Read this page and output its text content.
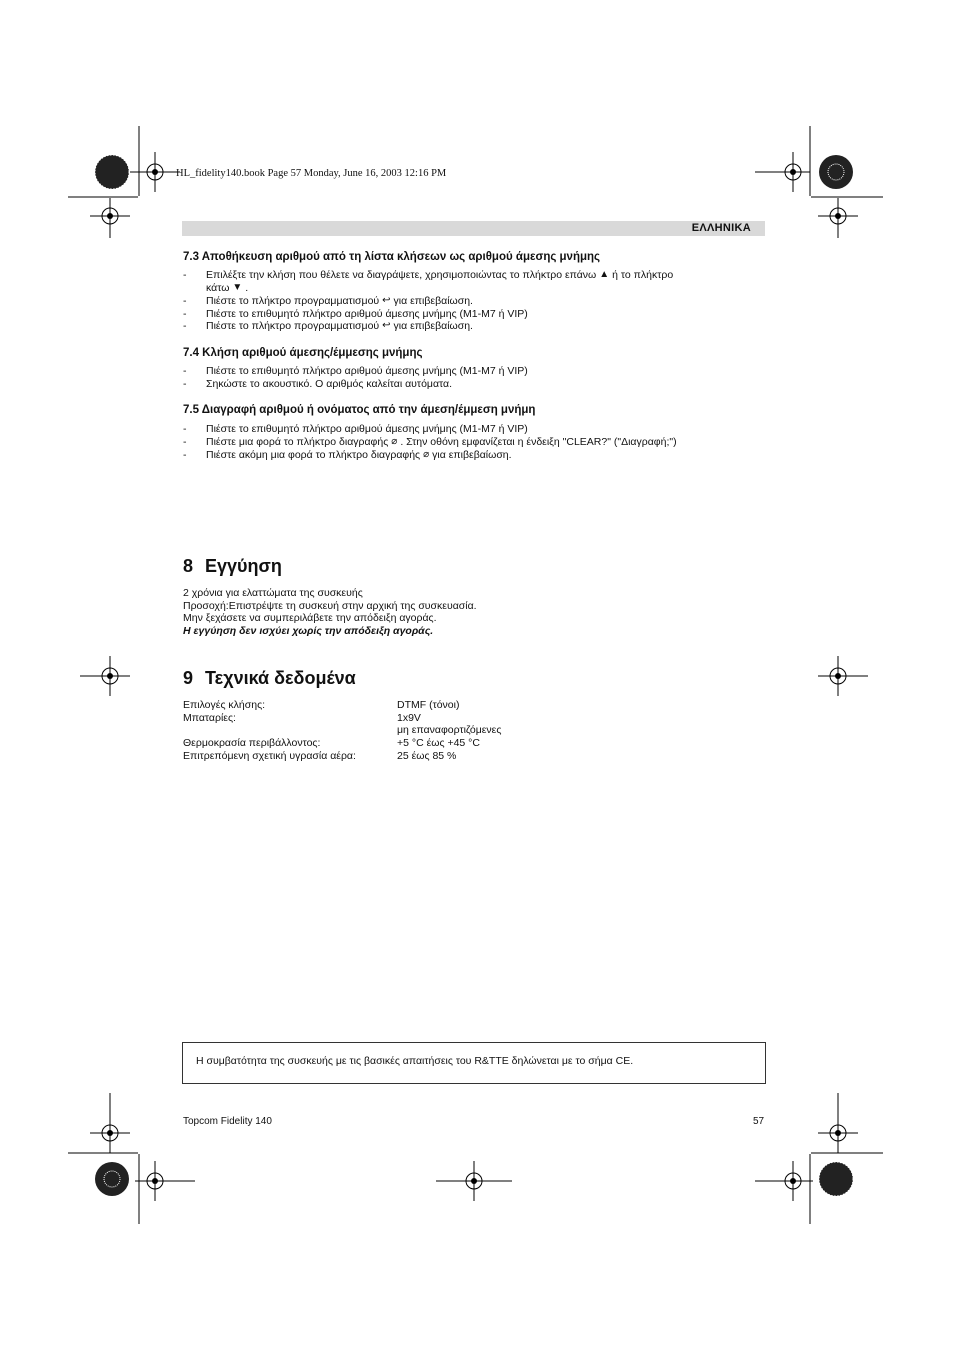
HL_fidelity140.book Page 57 Monday, June 16, 2003 12:16 PM
ΕΛΛΗΝΙΚΑ
7.3 Αποθήκευση αριθμού από τη λίστα κλήσεων ως αριθμού άμεσης μνήμης
- Επιλέξτε την κλήση που θέλετε να διαγράψετε, χρησιμοποιώντας το πλήκτρο επάνω ▲ ή το πλήκτρο
κάτω ▼ .
- Πιέστε το πλήκτρο προγραμματισμού ↩ για επιβεβαίωση.
- Πιέστε το επιθυμητό πλήκτρο αριθμού άμεσης μνήμης (M1-M7 ή VIP)
- Πιέστε το πλήκτρο προγραμματισμού ↩ για επιβεβαίωση.
7.4 Κλήση αριθμού άμεσης/έμμεσης μνήμης
- Πιέστε το επιθυμητό πλήκτρο αριθμού άμεσης μνήμης (M1-M7 ή VIP)
- Σηκώστε το ακουστικό. Ο αριθμός καλείται αυτόματα.
7.5 Διαγραφή αριθμού ή ονόματος από την άμεση/έμμεση μνήμη
- Πιέστε το επιθυμητό πλήκτρο αριθμού άμεσης μνήμης (M1-M7 ή VIP)
- Πιέστε μια φορά το πλήκτρο διαγραφής ⌀ . Στην οθόνη εμφανίζεται η ένδειξη "CLEAR?" ("Διαγραφή;")
- Πιέστε ακόμη μια φορά το πλήκτρο διαγραφής ⌀ για επιβεβαίωση.
8 Εγγύηση
2 χρόνια για ελαττώματα της συσκευής
Προσοχή:Επιστρέψτε τη συσκευή στην αρχική της συσκευασία.
Μην ξεχάσετε να συμπεριλάβετε την απόδειξη αγοράς.
Η εγγύηση δεν ισχύει χωρίς την απόδειξη αγοράς.
9 Τεχνικά δεδομένα
Επιλογές κλήσης:	DTMF (τόνοι)
Μπαταρίες:	1x9V
μη επαναφορτιζόμενες
Θερμοκρασία περιβάλλοντος:	+5 °C έως +45 °C
Επιτρεπόμενη σχετική υγρασία αέρα:	25 έως 85 %
Η συμβατότητα της συσκευής με τις βασικές απαιτήσεις του R&TTE δηλώνεται με το σήμα CE.
Topcom Fidelity 140	57
